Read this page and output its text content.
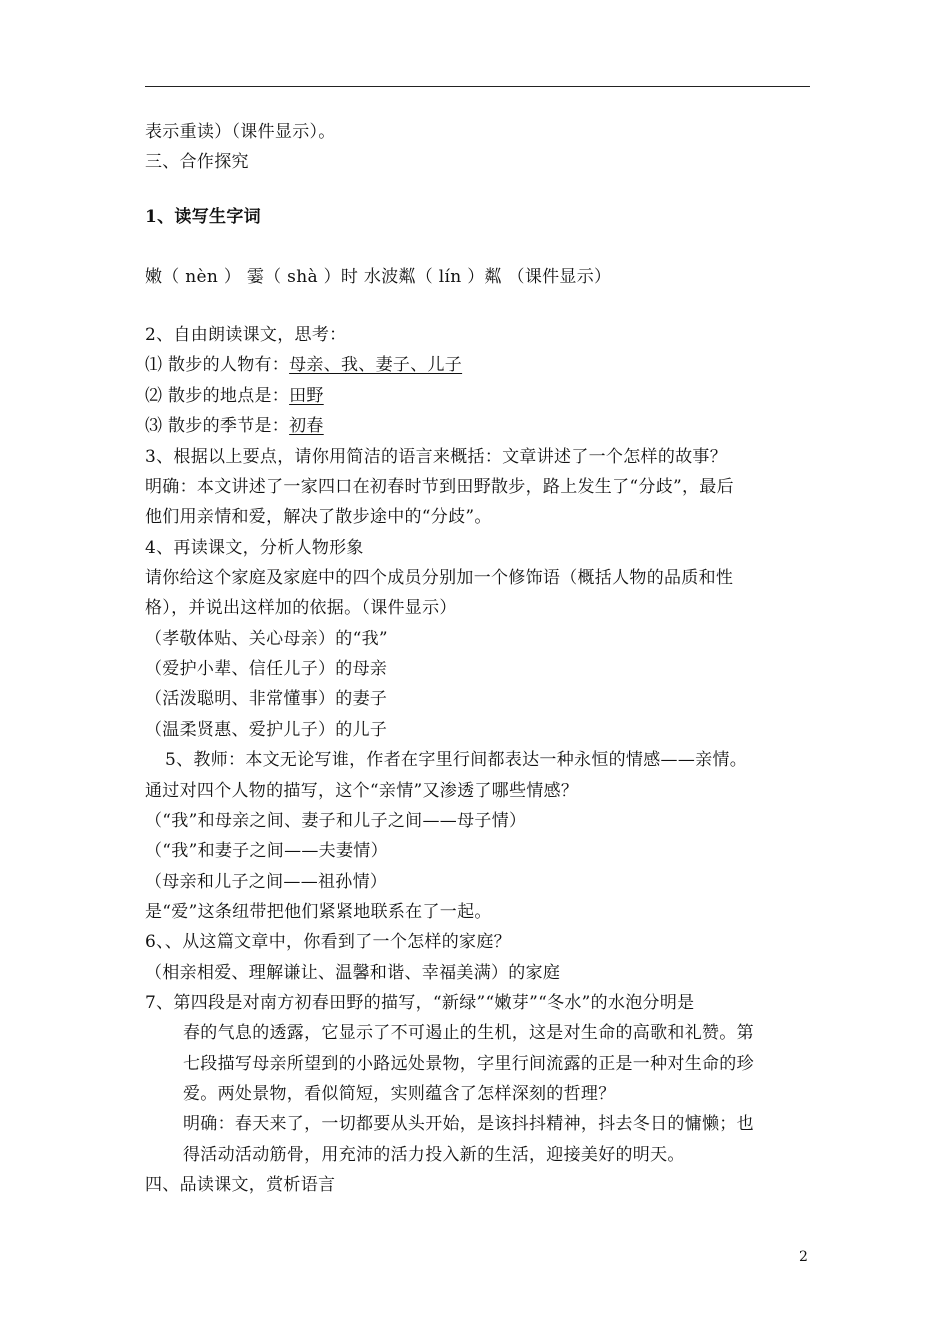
表示重读）（课件显示）。
三、合作探究
1、读写生字词
嫩（ nèn ） 霎（ shà ）时 水波粼（ lín ）粼 （课件显示）
2、自由朗读课文，思考：
⑴ 散步的人物有：母亲、我、妻子、儿子
⑵ 散步的地点是：田野
⑶ 散步的季节是：初春
3、根据以上要点，请你用简洁的语言来概括：文章讲述了一个怎样的故事？
明确：本文讲述了一家四口在初春时节到田野散步，路上发生了“分歧”，最后
他们用亲情和爱，解决了散步途中的“分歧”。
4、再读课文，分析人物形象
请你给这个家庭及家庭中的四个成员分别加一个修饰语（概括人物的品质和性
格），并说出这样加的依据。（课件显示）
（孝敬体贴、关心母亲）的“我”
（爱护小辈、信任儿子）的母亲
（活泼聪明、非常懂事）的妻子
（温柔贤惠、爱护儿子）的儿子
5、教师：本文无论写谁，作者在字里行间都表达一种永恒的情感——亲情。
通过对四个人物的描写，这个“亲情”又渗透了哪些情感？
（“我”和母亲之间、妻子和儿子之间——母子情）
（“我”和妻子之间——夫妻情）
（母亲和儿子之间——祖孙情）
是“爱”这条纽带把他们紧紧地联系在了一起。
6、、从这篇文章中，你看到了一个怎样的家庭？
（相亲相爱、理解谦让、温馨和谐、幸福美满）的家庭
7、第四段是对南方初春田野的描写，“新绿”“嫩芽”“冬水”的水泡分明是
春的气息的透露，它显示了不可遏止的生机，这是对生命的高歌和礼赞。第
七段描写母亲所望到的小路远处景物，字里行间流露的正是一种对生命的珍
爱。两处景物，看似简短，实则蕴含了怎样深刻的哲理？
明确：春天来了，一切都要从头开始，是该抖抖精神，抖去冬日的慵懒；也
得活动活动筋骨，用充沛的活力投入新的生活，迎接美好的明天。
四、品读课文，赏析语言
2
